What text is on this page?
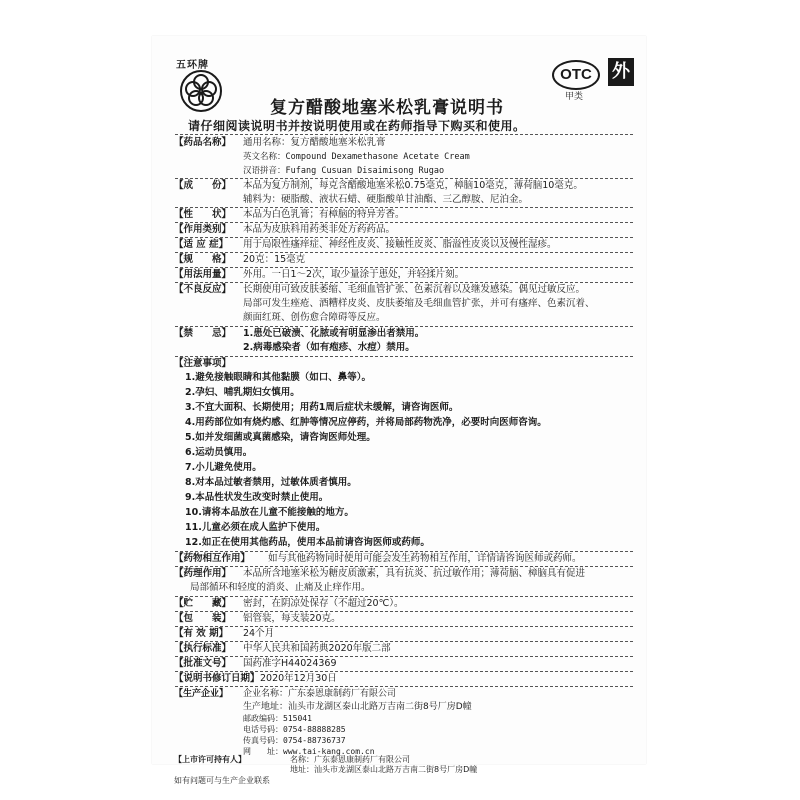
五环牌
复方醋酸地塞米松乳膏说明书
OTC
甲类
外
请仔细阅读说明书并按说明使用或在药师指导下购买和使用。
【药品名称】 通用名称：复方醋酸地塞米松乳膏
英文名称：Compound Dexamethasone Acetate Cream
汉语拼音：Fufang Cusuan Disaimisong Rugao
【成　　份】 本品为复方制剂，每克含醋酸地塞米松0.75毫克，樟脑10毫克，薄荷脑10毫克。
辅料为：硬脂酸、液状石蜡、硬脂酸单甘油酯、三乙醇胺、尼泊金。
【性　　状】 本品为白色乳膏；有樟脑的特异芳香。
【作用类别】 本品为皮肤科用药类非处方药药品。
【适 应 症】 用于局限性瘙痒症、神经性皮炎、接触性皮炎、脂溢性皮炎以及慢性湿疹。
【规　　格】 20克：15毫克
【用法用量】 外用。一日1～2次，取少量涂于患处，并轻揉片刻。
【不良反应】 长期使用可致皮肤萎缩、毛细血管扩张、色素沉着以及继发感染。偶见过敏反应。
局部可发生痤疮、酒糟样皮炎、皮肤萎缩及毛细血管扩张，并可有瘙痒、色素沉着、
颜面红斑、创伤愈合障碍等反应。
【禁　　忌】 1.患处已破溃、化脓或有明显渗出者禁用。
2.病毒感染者（如有疱疹、水痘）禁用。
【注意事项】
1.避免接触眼睛和其他黏膜（如口、鼻等）。
2.孕妇、哺乳期妇女慎用。
3.不宜大面积、长期使用；用药1周后症状未缓解，请咨询医师。
4.用药部位如有烧灼感、红肿等情况应停药，并将局部药物洗净，必要时向医师咨询。
5.如并发细菌或真菌感染，请咨询医师处理。
6.运动员慎用。
7.小儿避免使用。
8.对本品过敏者禁用，过敏体质者慎用。
9.本品性状发生改变时禁止使用。
10.请将本品放在儿童不能接触的地方。
11.儿童必须在成人监护下使用。
12.如正在使用其他药品，使用本品前请咨询医师或药师。
【药物相互作用】 如与其他药物同时使用可能会发生药物相互作用，详情请咨询医师或药师。
【药理作用】 本品所含地塞米松为糖皮质激素，具有抗炎、抗过敏作用；薄荷脑、樟脑具有促进
局部循环和轻度的消炎、止痛及止痒作用。
【贮　　藏】 密封，在阴凉处保存（不超过20℃）。
【包　　装】 铝管装，每支装20克。
【有 效 期】 24个月
【执行标准】 中华人民共和国药典2020年版二部
【批准文号】 国药准字H44024369
【说明书修订日期】 2020年12月30日
【生产企业】 企业名称：广东泰恩康制药厂有限公司
生产地址：汕头市龙湖区泰山北路万吉南二街8号厂房D幢
邮政编码：515041
电话号码：0754-88888285
传真号码：0754-88736737
网　　址：www.tai-kang.com.cn
【上市许可持有人】	名称：广东泰恩康制药厂有限公司
地址：汕头市龙湖区泰山北路万吉南二街8号厂房D幢
如有问题可与生产企业联系
